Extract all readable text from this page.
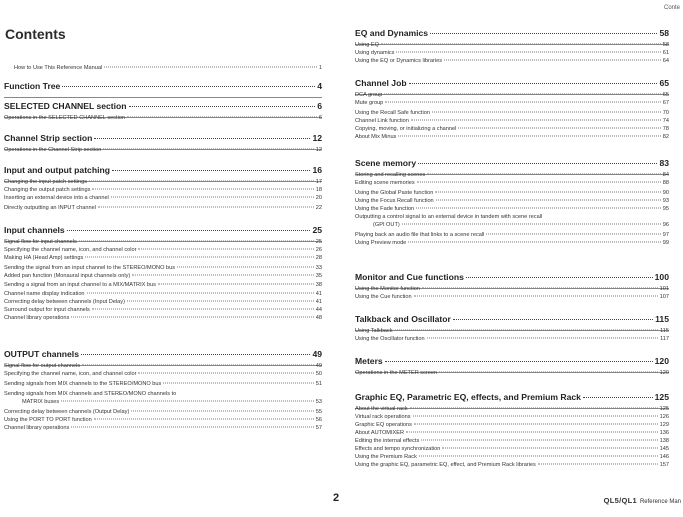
Conte
Contents
How to Use This Reference Manual	1
Function Tree	4
SELECTED CHANNEL section	6
Operations in the SELECTED CHANNEL section	6
Channel Strip section	12
Operations in the Channel Strip section	12
Input and output patching	16
Changing the input patch settings	17
Changing the output patch settings	18
Inserting an external device into a channel	20
Directly outputting an INPUT channel	22
Input channels	25
Signal flow for input channels	25
Specifying the channel name, icon, and channel color	26
Making HA (Head Amp) settings	28
Sending the signal from an input channel to the STEREO/MONO bus	33
Added pan function (Monaural input channels only)	35
Sending a signal from an input channel to a MIX/MATRIX bus	38
Channel name display indication	41
Correcting delay between channels (Input Delay)	41
Surround output for input channels	44
Channel library operations	48
OUTPUT channels	49
Signal flow for output channels	49
Specifying the channel name, icon, and channel color	50
Sending signals from MIX channels to the STEREO/MONO bus	51
Sending signals from MIX channels and STEREO/MONO channels to
MATRIX buses	53
Correcting delay between channels (Output Delay)	55
Using the PORT TO PORT function	56
Channel library operations	57
EQ and Dynamics	58
Using EQ	58
Using dynamics	61
Using the EQ or Dynamics libraries	64
Channel Job	65
DCA group	65
Mute group	67
Using the Recall Safe function	70
Channel Link function	74
Copying, moving, or initializing a channel	78
About Mix Minus	82
Scene memory	83
Storing and recalling scenes	84
Editing scene memories	88
Using the Global Paste function	90
Using the Focus Recall function	93
Using the Fade function	95
Outputting a control signal to an external device in tandem with scene recall
(GPI OUT)	96
Playing back an audio file that links to a scene recall	97
Using Preview mode	99
Monitor and Cue functions	100
Using the Monitor function	101
Using the Cue function	107
Talkback and Oscillator	115
Using Talkback	115
Using the Oscillator function	117
Meters	120
Operations in the METER screen	120
Graphic EQ, Parametric EQ, effects, and Premium Rack	125
About the virtual rack	125
Virtual rack operations	126
Graphic EQ operations	129
About AUTOMIXER	136
Editing the internal effects	138
Effects and tempo synchronization	145
Using the Premium Rack	146
Using the graphic EQ, parametric EQ, effect, and Premium Rack libraries	157
2	QL5/QL1 Reference Man
